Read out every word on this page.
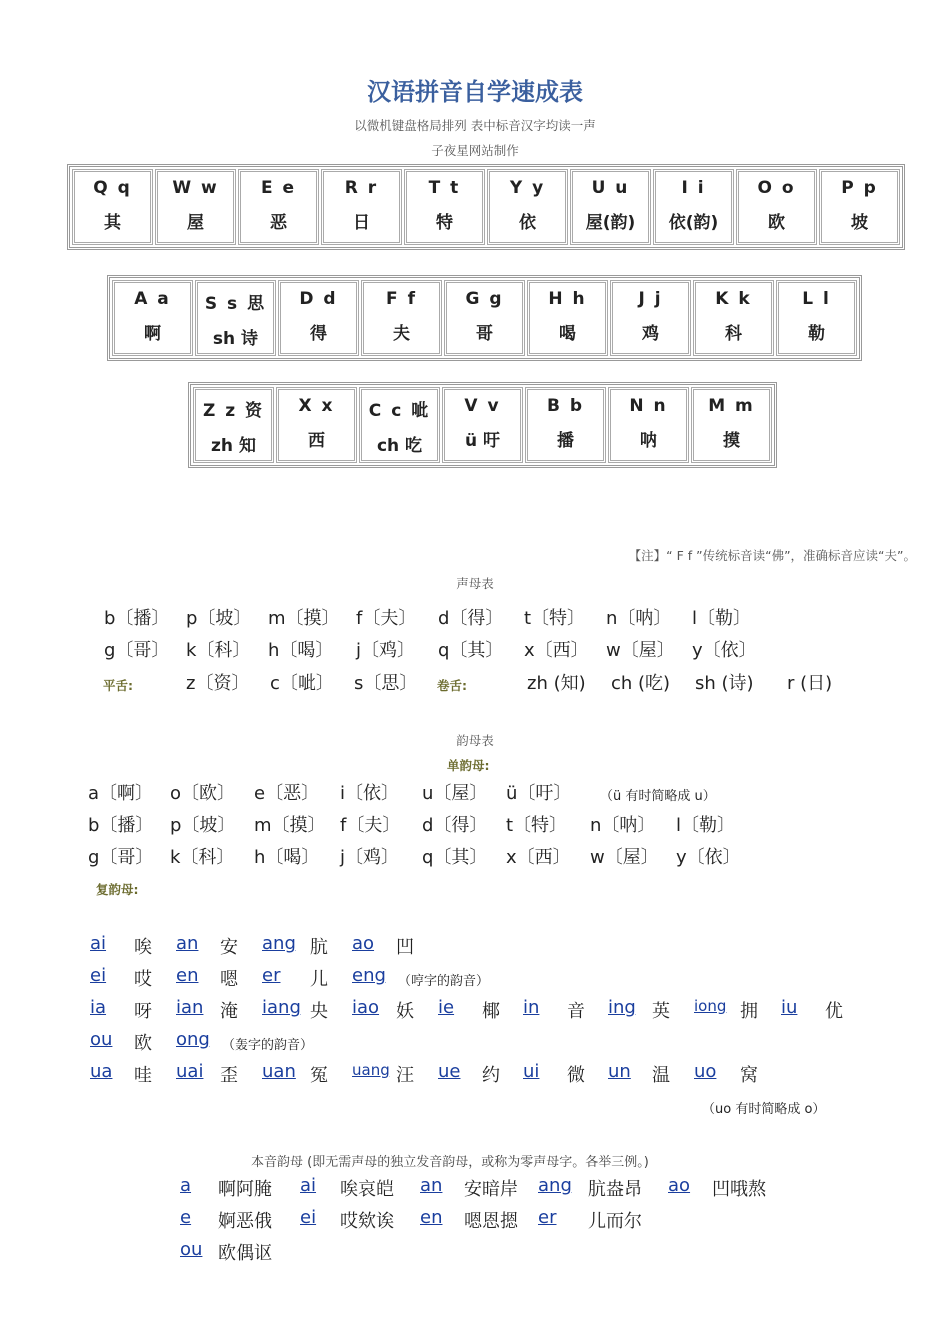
汉语拼音自学速成表
以微机键盘格局排列 表中标音汉字均读一声
子夜星网站制作
Q q
其

W w
屋

E e
恶

R r
日

T t
特

Y y
依

U u
屋(韵)

I i
依(韵)

O o
欧

P p
坡
A a
啊

S s 思
sh 诗

D d
得

F f
夫

G g
哥

H h
喝

J j
鸡

K k
科

L l
勒
Z z 资
zh 知

X x
西

C c 呲
ch 吃

V v
ü 吁

B b
播

N n
呐

M m
摸
【注】“ F f ”传统标音读“佛”，准确标音应读“夫”。
声母表
b〔播〕 p〔坡〕 m〔摸〕 f〔夫〕 d〔得〕 t〔特〕 n〔呐〕 l〔勒〕
g〔哥〕 k〔科〕 h〔喝〕 j〔鸡〕 q〔其〕 x〔西〕 w〔屋〕 y〔依〕
平舌:	z〔资〕 c〔呲〕 s〔思〕 卷舌:	zh (知) ch (吃) sh (诗) r (日)
韵母表
单韵母:
a〔啊〕 o〔欧〕 e〔恶〕 i〔依〕 u〔屋〕 ü〔吁〕 （ü 有时简略成 u）
b〔播〕 p〔坡〕 m〔摸〕 f〔夫〕 d〔得〕 t〔特〕 n〔呐〕 l〔勒〕
g〔哥〕 k〔科〕 h〔喝〕 j〔鸡〕 q〔其〕 x〔西〕 w〔屋〕 y〔依〕
复韵母:
ai 唉 an 安 ang 肮 ao 凹
ei 哎 en 嗯 er 儿 eng
ia 呀 ian 淹 iang 央 iao 妖 ie 椰 in 音 ing 英 iong 拥 iu 优
ou 欧 ong
ua 哇 uai 歪 uan 冤 uang 汪 ue 约 ui 微 un 温 uo 窝
（哼字的韵音）
（轰字的韵音）
（uo 有时简略成 o）
本音韵母 (即无需声母的独立发音韵母，或称为零声母字。各举三例。)
a 啊阿腌 ai 唉哀皑 an 安暗岸 ang 肮盎昂 ao 凹哦熬
e 婀恶俄 ei 哎欸诶 en 嗯恩摁 er 儿而尔
ou 欧偶讴
